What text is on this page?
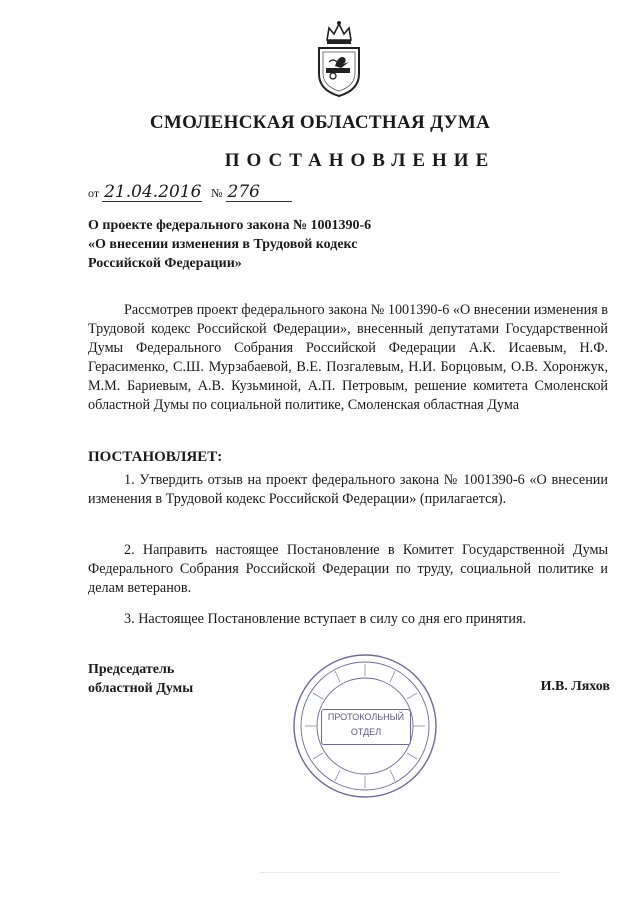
СМОЛЕНСКАЯ ОБЛАСТНАЯ ДУМА
ПОСТАНОВЛЕНИЕ
от 21.04.2016 № 276
О проекте федерального закона № 1001390-6
«О внесении изменения в Трудовой кодекс
Российской Федерации»
Рассмотрев проект федерального закона № 1001390-6 «О внесении изменения в Трудовой кодекс Российской Федерации», внесенный депутатами Государственной Думы Федерального Собрания Российской Федерации А.К. Исаевым, Н.Ф. Герасименко, С.Ш. Мурзабаевой, В.Е. Позгалевым, Н.И. Борцовым, О.В. Хоронжук, М.М. Бариевым, А.В. Кузьминой, А.П. Петровым, решение комитета Смоленской областной Думы по социальной политике, Смоленская областная Дума
ПОСТАНОВЛЯЕТ:
1. Утвердить отзыв на проект федерального закона № 1001390-6 «О внесении изменения в Трудовой кодекс Российской Федерации» (прилагается).
2. Направить настоящее Постановление в Комитет Государственной Думы Федерального Собрания Российской Федерации по труду, социальной политике и делам ветеранов.
3. Настоящее Постановление вступает в силу со дня его принятия.
Председатель
областной Думы
ПРОТОКОЛЬНЫЙ
ОТДЕЛ
И.В. Ляхов
